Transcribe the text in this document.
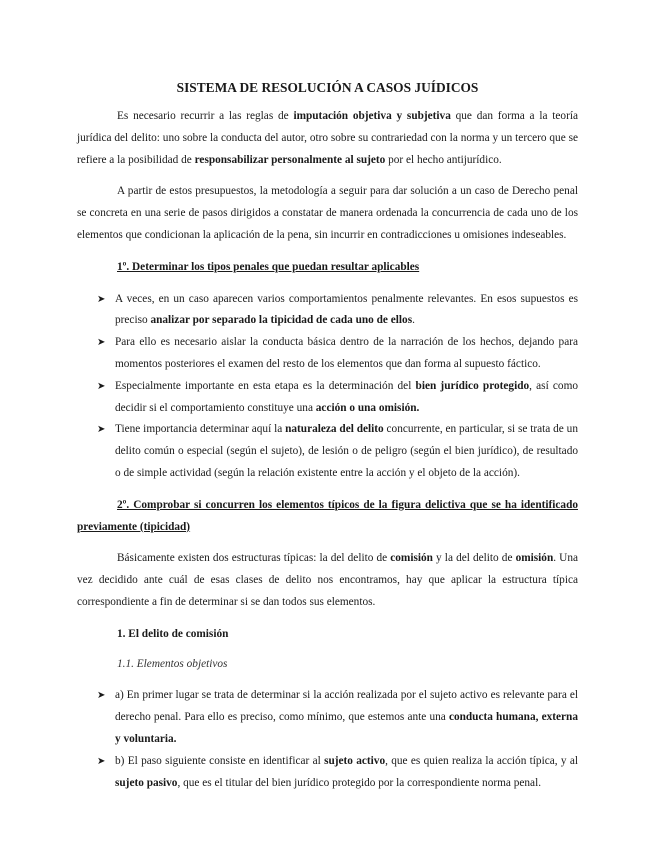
SISTEMA DE RESOLUCIÓN A CASOS JUÍDICOS

Es necesario recurrir a las reglas de imputación objetiva y subjetiva que dan forma a la teoría jurídica del delito: uno sobre la conducta del autor, otro sobre su contrariedad con la norma y un tercero que se refiere a la posibilidad de responsabilizar personalmente al sujeto por el hecho antijurídico.

A partir de estos presupuestos, la metodología a seguir para dar solución a un caso de Derecho penal se concreta en una serie de pasos dirigidos a constatar de manera ordenada la concurrencia de cada uno de los elementos que condicionan la aplicación de la pena, sin incurrir en contradicciones u omisiones indeseables.

1º. Determinar los tipos penales que puedan resultar aplicables
➤ A veces, en un caso aparecen varios comportamientos penalmente relevantes. En esos supuestos es preciso analizar por separado la tipicidad de cada uno de ellos.
➤ Para ello es necesario aislar la conducta básica dentro de la narración de los hechos, dejando para momentos posteriores el examen del resto de los elementos que dan forma al supuesto fáctico.
➤ Especialmente importante en esta etapa es la determinación del bien jurídico protegido, así como decidir si el comportamiento constituye una acción o una omisión.
➤ Tiene importancia determinar aquí la naturaleza del delito concurrente, en particular, si se trata de un delito común o especial (según el sujeto), de lesión o de peligro (según el bien jurídico), de resultado o de simple actividad (según la relación existente entre la acción y el objeto de la acción).
2º. Comprobar si concurren los elementos típicos de la figura delictiva que se ha identificado previamente (tipicidad)

Básicamente existen dos estructuras típicas: la del delito de comisión y la del delito de omisión. Una vez decidido ante cuál de esas clases de delito nos encontramos, hay que aplicar la estructura típica correspondiente a fin de determinar si se dan todos sus elementos.

1. El delito de comisión
1.1. Elementos objetivos
➤ a) En primer lugar se trata de determinar si la acción realizada por el sujeto activo es relevante para el derecho penal. Para ello es preciso, como mínimo, que estemos ante una conducta humana, externa y voluntaria.
➤ b) El paso siguiente consiste en identificar al sujeto activo, que es quien realiza la acción típica, y al sujeto pasivo, que es el titular del bien jurídico protegido por la correspondiente norma penal.
